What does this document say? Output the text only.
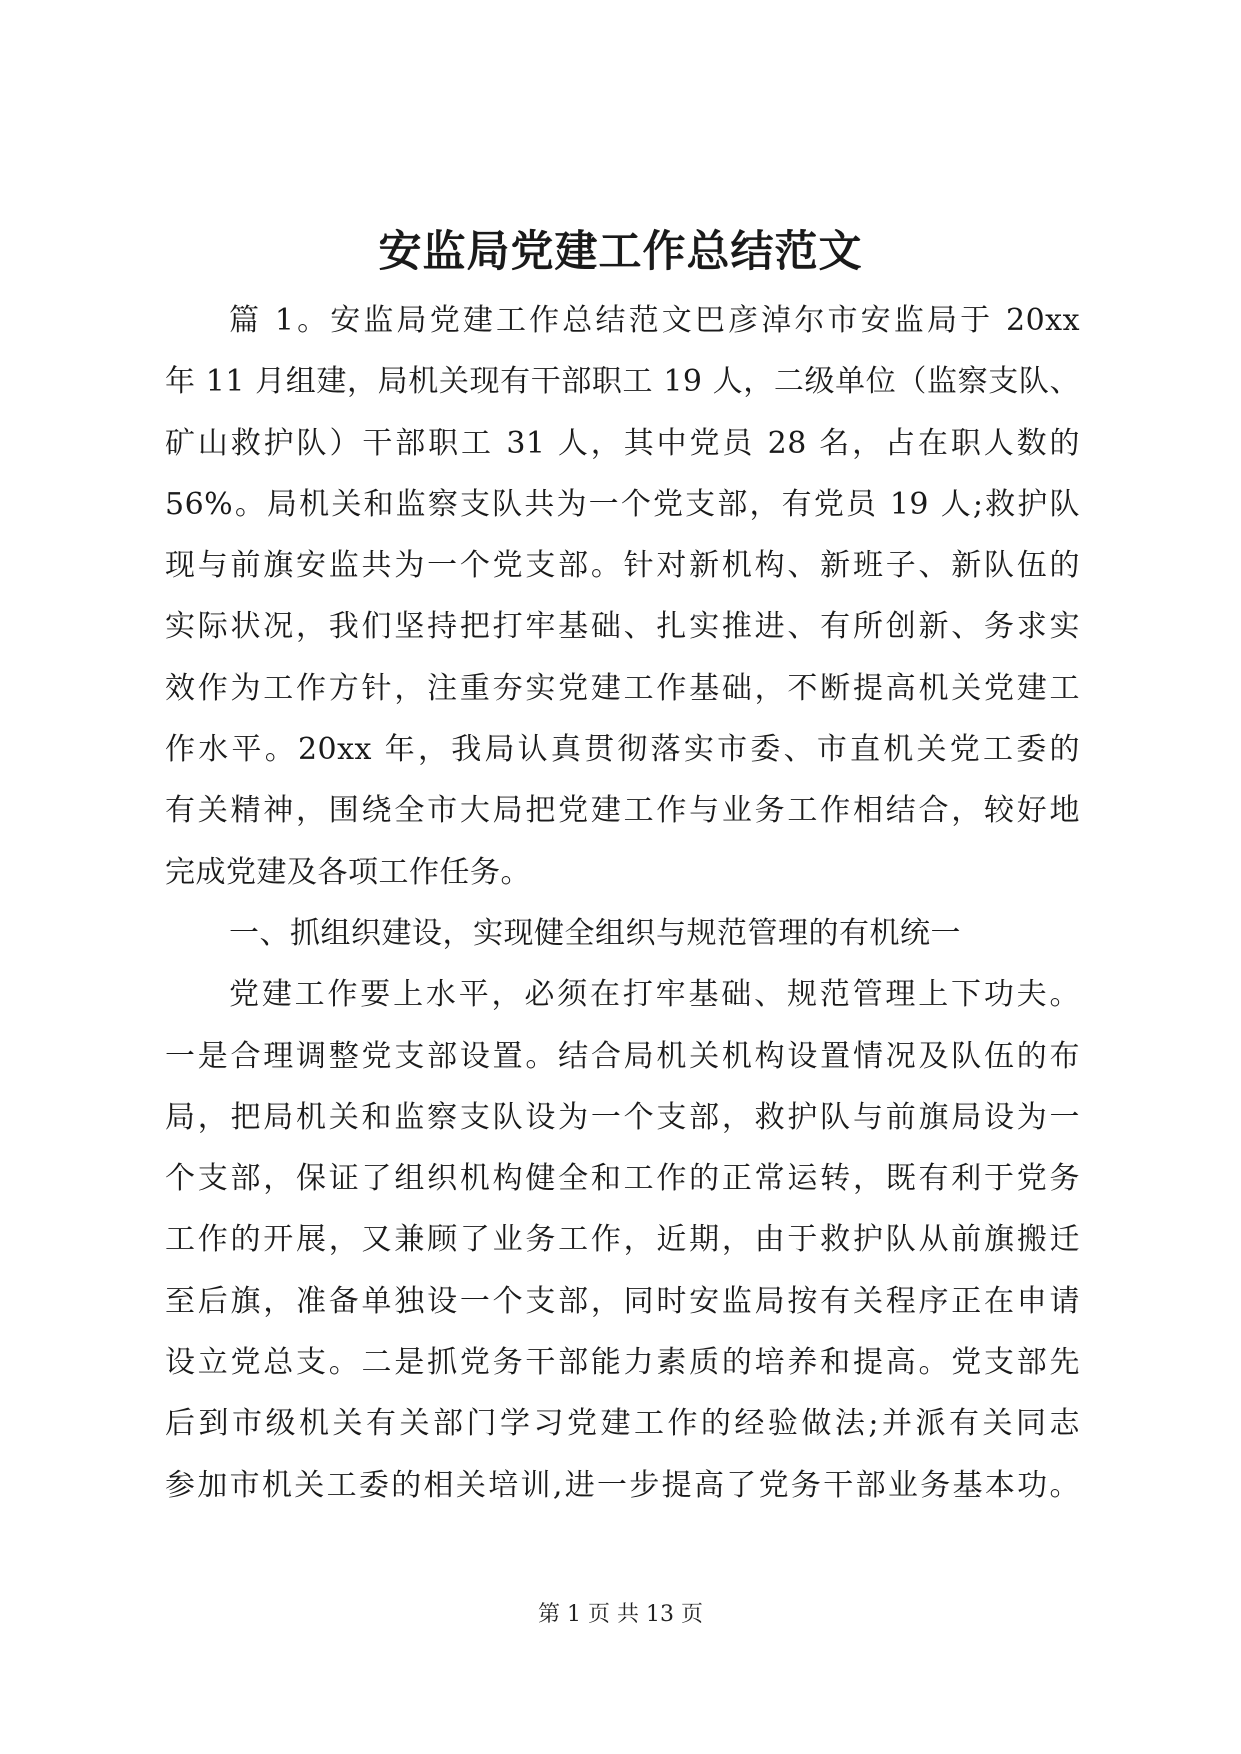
安监局党建工作总结范文
篇 1。安监局党建工作总结范文巴彦淖尔市安监局于 20xx
年 11 月组建，局机关现有干部职工 19 人，二级单位（监察支队、
矿山救护队）干部职工 31 人，其中党员 28 名，占在职人数的
56%。局机关和监察支队共为一个党支部，有党员 19 人;救护队
现与前旗安监共为一个党支部。针对新机构、新班子、新队伍的
实际状况，我们坚持把打牢基础、扎实推进、有所创新、务求实
效作为工作方针，注重夯实党建工作基础，不断提高机关党建工
作水平。20xx 年，我局认真贯彻落实市委、市直机关党工委的
有关精神，围绕全市大局把党建工作与业务工作相结合，较好地
完成党建及各项工作任务。
一、抓组织建设，实现健全组织与规范管理的有机统一
党建工作要上水平，必须在打牢基础、规范管理上下功夫。
一是合理调整党支部设置。结合局机关机构设置情况及队伍的布
局，把局机关和监察支队设为一个支部，救护队与前旗局设为一
个支部，保证了组织机构健全和工作的正常运转，既有利于党务
工作的开展，又兼顾了业务工作，近期，由于救护队从前旗搬迁
至后旗，准备单独设一个支部，同时安监局按有关程序正在申请
设立党总支。二是抓党务干部能力素质的培养和提高。党支部先
后到市级机关有关部门学习党建工作的经验做法;并派有关同志
参加市机关工委的相关培训,进一步提高了党务干部业务基本功。
第 1 页 共 13 页
